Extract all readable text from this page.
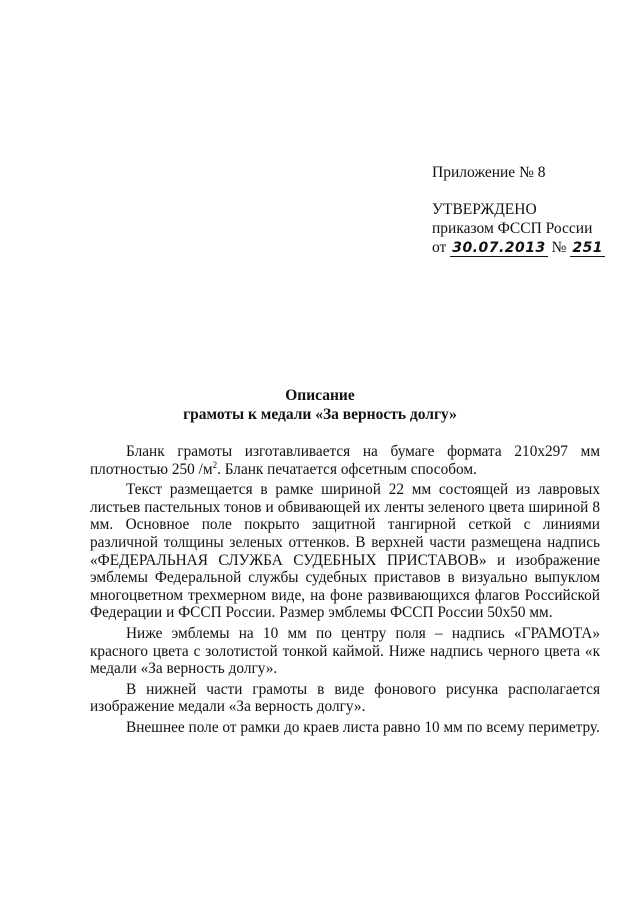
Приложение № 8
УТВЕРЖДЕНО
приказом ФССП России
от 30.07.2013 № 251
Описание
грамоты к медали «За верность долгу»

Бланк грамоты изготавливается на бумаге формата 210x297 мм плотностью 250 $/м^2$. Бланк печатается офсетным способом.

Текст размещается в рамке шириной 22 мм состоящей из лавровых листьев пастельных тонов и обвивающей их ленты зеленого цвета шириной 8 мм. Основное поле покрыто защитной тангирной сеткой с линиями различной толщины зеленых оттенков. В верхней части размещена надпись «ФЕДЕРАЛЬНАЯ СЛУЖБА СУДЕБНЫХ ПРИСТАВОВ» и изображение эмблемы Федеральной службы судебных приставов в визуально выпуклом многоцветном трехмерном виде, на фоне развивающихся флагов Российской Федерации и ФССП России. Размер эмблемы ФССП России 50x50 мм.

Ниже эмблемы на 10 мм по центру поля – надпись «ГРАМОТА» красного цвета с золотистой тонкой каймой. Ниже надпись черного цвета «к медали «За верность долгу».

В нижней части грамоты в виде фонового рисунка располагается изображение медали «За верность долгу».

Внешнее поле от рамки до краев листа равно 10 мм по всему периметру.
